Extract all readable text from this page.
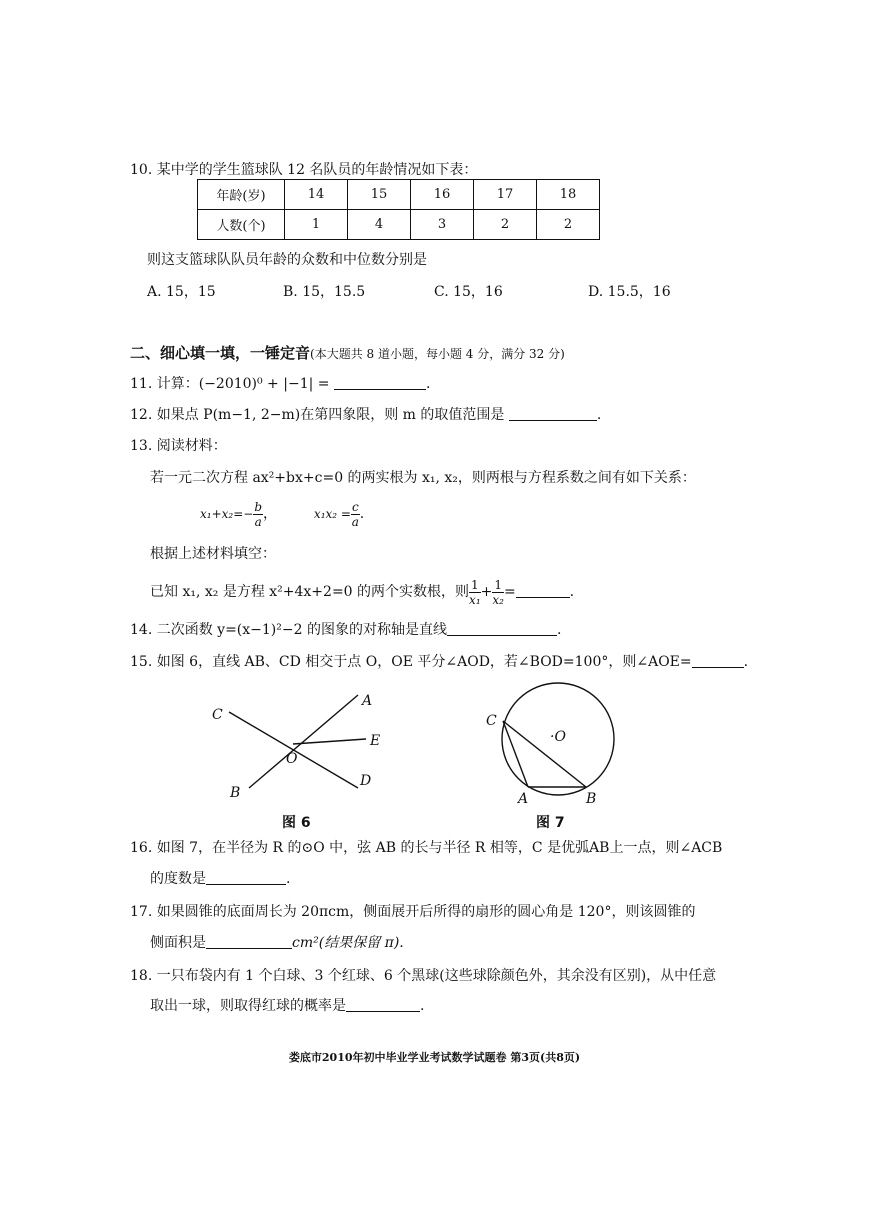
10. 某中学的学生篮球队 12 名队员的年龄情况如下表：
年龄(岁)	14	15	16	17	18
人数(个)	1	4	3	2	2
则这支篮球队队员年龄的众数和中位数分别是
A. 15，15	B. 15，15.5	C. 15，16	D. 15.5，16
二、细心填一填，一锤定音(本大题共 8 道小题，每小题 4 分，满分 32 分)
11. 计算：(−2010)⁰ + |−1| =	.
12. 如果点 P(m−1, 2−m)在第四象限，则 m 的取值范围是	.
13. 阅读材料：
若一元二次方程 ax²+bx+c=0 的两实根为 x₁, x₂，则两根与方程系数之间有如下关系：
$x_1+x_2=- \frac{b}{a}$ ，	$x_1x_2 = \frac{c}{a}$ .
根据上述材料填空：
已知 x₁, x₂ 是方程 x²+4x+2=0 的两个实数根，则 $\frac{1}{\text{x₁}} + \frac{1}{\text{x₂}}$ =	.
14. 二次函数 y=(x−1)²−2 的图象的对称轴是直线	.
15. 如图 6，直线 AB、CD 相交于点 O，OE 平分∠AOD，若∠BOD=100°，则∠AOE=	.
A
B
C
D
E
O
图 6
A	B
C
·O
图 7
16. 如图 7，在半径为 R 的⊙O 中，弦 AB 的长与半径 R 相等，C 是优弧AB上一点，则∠ACB
的度数是	.
17. 如果圆锥的底面周长为 20πcm，侧面展开后所得的扇形的圆心角是 120°，则该圆锥的
侧面积是	cm²(结果保留 π).
18. 一只布袋内有 1 个白球、3 个红球、6 个黑球(这些球除颜色外，其余没有区别)，从中任意
取出一球，则取得红球的概率是	.
娄底市2010年初中毕业学业考试数学试题卷 第3页(共8页)
